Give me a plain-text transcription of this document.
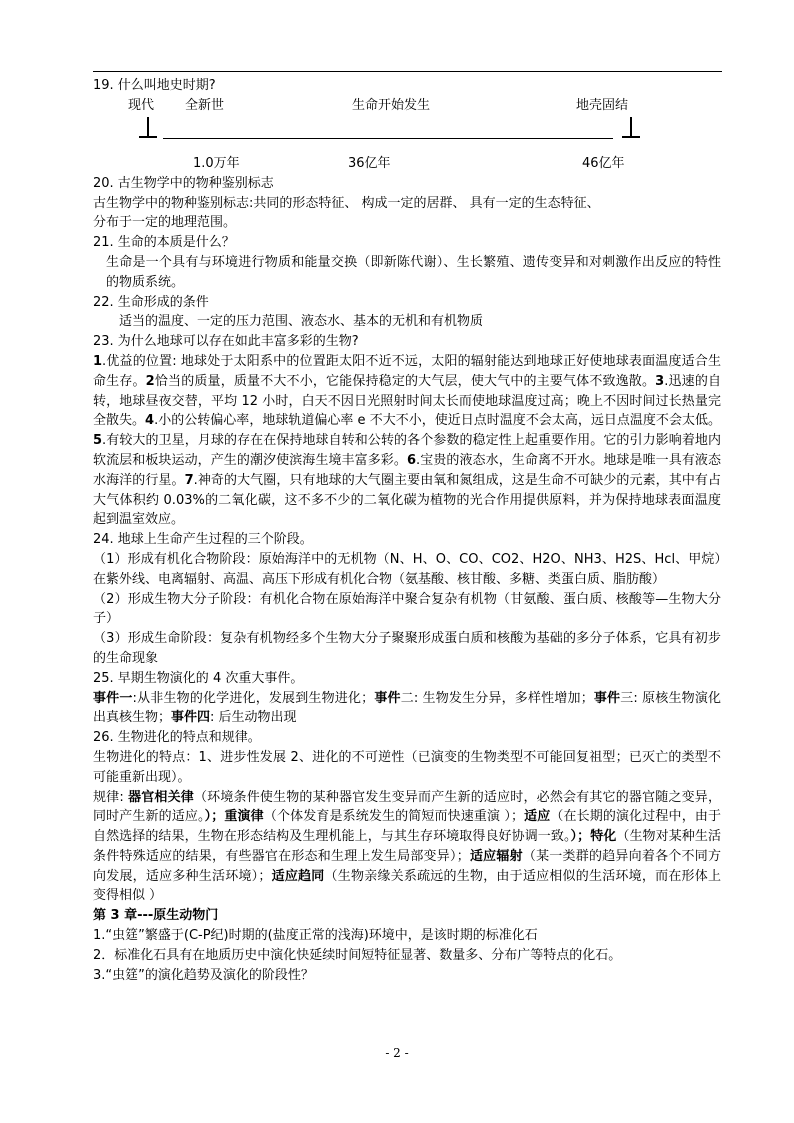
19. 什么叫地史时期?

现代 全新世	生命开始发生	地壳固结
1.0万年	36亿年	46亿年

20. 古生物学中的物种鉴别标志

古生物学中的物种鉴别标志:共同的形态特征、 构成一定的居群、 具有一定的生态特征、

分布于一定的地理范围。

21. 生命的本质是什么？

生命是一个具有与环境进行物质和能量交换（即新陈代谢）、生长繁殖、遗传变异和对刺激作出反应的特性的物质系统。

22. 生命形成的条件

适当的温度、一定的压力范围、液态水、基本的无机和有机物质

23. 为什么地球可以存在如此丰富多彩的生物?

1.优益的位置: 地球处于太阳系中的位置距太阳不近不远，太阳的辐射能达到地球正好使地球表面温度适合生命生存。2恰当的质量，质量不大不小，它能保持稳定的大气层，使大气中的主要气体不致逸散。3.迅速的自转，地球昼夜交替，平均 12 小时，白天不因日光照射时间太长而使地球温度过高；晚上不因时间过长热量完全散失。4.小的公转偏心率，地球轨道偏心率 e 不大不小，使近日点时温度不会太高，远日点温度不会太低。5.有较大的卫星，月球的存在在保持地球自转和公转的各个参数的稳定性上起重要作用。它的引力影响着地内软流层和板块运动，产生的潮汐使滨海生境丰富多彩。6.宝贵的液态水，生命离不开水。地球是唯一具有液态水海洋的行星。7.神奇的大气圈，只有地球的大气圈主要由氧和氮组成，这是生命不可缺少的元素，其中有占大气体积约 0.03%的二氧化碳，这不多不少的二氧化碳为植物的光合作用提供原料，并为保持地球表面温度起到温室效应。

24. 地球上生命产生过程的三个阶段。

（1）形成有机化合物阶段：原始海洋中的无机物（N、H、O、CO、CO2、H2O、NH3、H2S、Hcl、甲烷）在紫外线、电离辐射、高温、高压下形成有机化合物（氨基酸、核甘酸、多糖、类蛋白质、脂肪酸）

（2）形成生物大分子阶段：有机化合物在原始海洋中聚合复杂有机物（甘氨酸、蛋白质、核酸等—生物大分子）

（3）形成生命阶段：复杂有机物经多个生物大分子聚聚形成蛋白质和核酸为基础的多分子体系，它具有初步的生命现象

25. 早期生物演化的 4 次重大事件。

事件一:从非生物的化学进化，发展到生物进化；事件二: 生物发生分异，多样性增加；事件三: 原核生物演化出真核生物；事件四: 后生动物出现

26. 生物进化的特点和规律。

生物进化的特点：1、进步性发展 2、进化的不可逆性（已演变的生物类型不可能回复祖型；已灭亡的类型不可能重新出现）。

规律: 器官相关律（环境条件使生物的某种器官发生变异而产生新的适应时，必然会有其它的器官随之变异，同时产生新的适应。）；重演律（个体发育是系统发生的简短而快速重演 ）；适应（在长期的演化过程中，由于自然选择的结果，生物在形态结构及生理机能上，与其生存环境取得良好协调一致。）；特化（生物对某种生活条件特殊适应的结果，有些器官在形态和生理上发生局部变异）；适应辐射（某一类群的趋异向着各个不同方向发展，适应多种生活环境）；适应趋同（生物亲缘关系疏远的生物，由于适应相似的生活环境，而在形体上变得相似 ）

第 3 章---原生动物门

1.“虫筳”繁盛于(C-P纪)时期的(盐度正常的浅海)环境中，是该时期的标准化石

2．标准化石具有在地质历史中演化快延续时间短特征显著、数量多、分布广等特点的化石。

3.“虫筳”的演化趋势及演化的阶段性？

- 2 -
